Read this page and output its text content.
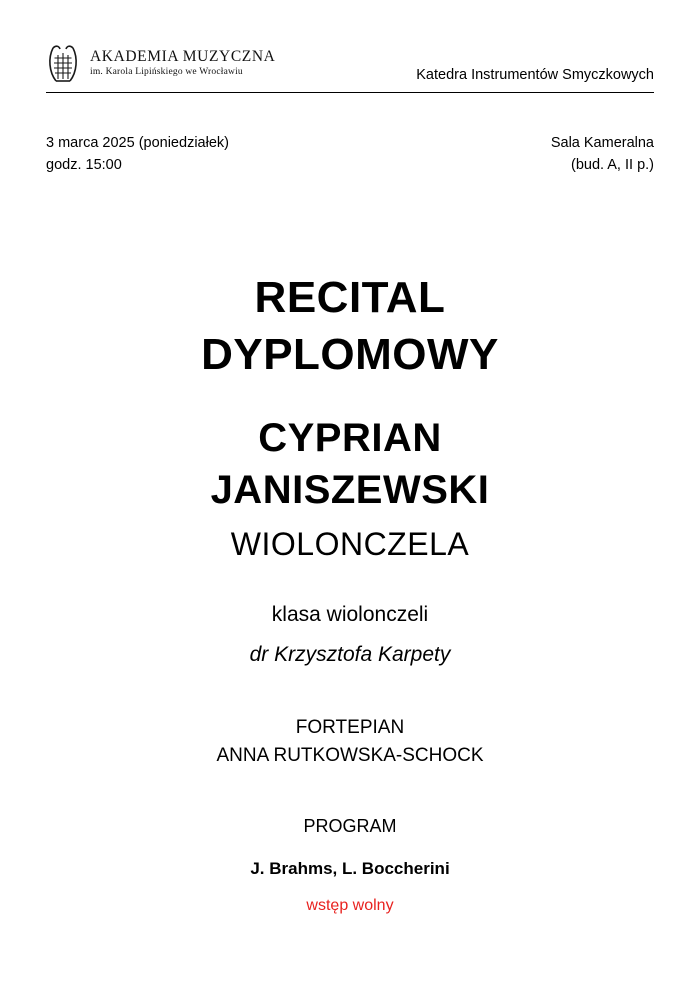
AKADEMIA MUZYCZNA
im. Karola Lipińskiego we Wrocławiu	Katedra Instrumentów Smyczkowych
3 marca 2025 (poniedziałek)
godz. 15:00
Sala Kameralna
(bud. A, II p.)
RECITAL
DYPLOMOWY
CYPRIAN
JANISZEWSKI
WIOLONCZELA
klasa wiolonczeli
dr Krzysztofa Karpety
FORTEPIAN
ANNA RUTKOWSKA-SCHOCK
PROGRAM
J. Brahms, L. Boccherini
wstęp wolny
